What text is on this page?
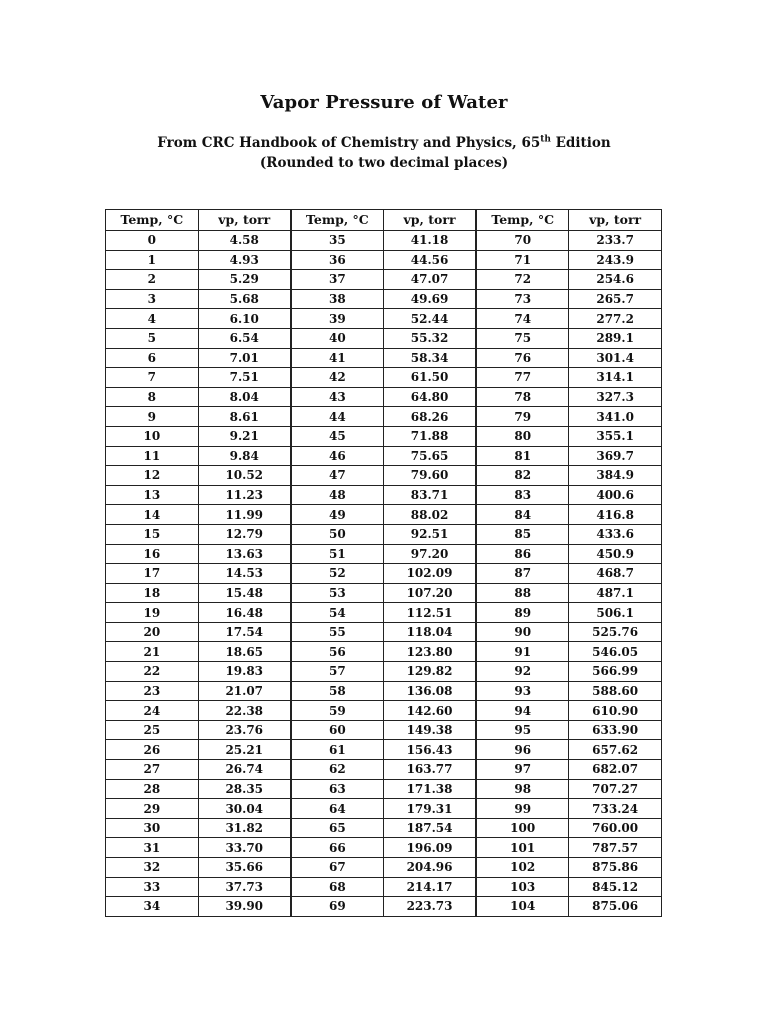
Vapor Pressure of Water
From CRC Handbook of Chemistry and Physics, 65th Edition
(Rounded to two decimal places)
Temp, °C	vp, torr	Temp, °C	vp, torr	Temp, °C	vp, torr
0	4.58	35	41.18	70	233.7
1	4.93	36	44.56	71	243.9
2	5.29	37	47.07	72	254.6
3	5.68	38	49.69	73	265.7
4	6.10	39	52.44	74	277.2
5	6.54	40	55.32	75	289.1
6	7.01	41	58.34	76	301.4
7	7.51	42	61.50	77	314.1
8	8.04	43	64.80	78	327.3
9	8.61	44	68.26	79	341.0
10	9.21	45	71.88	80	355.1
11	9.84	46	75.65	81	369.7
12	10.52	47	79.60	82	384.9
13	11.23	48	83.71	83	400.6
14	11.99	49	88.02	84	416.8
15	12.79	50	92.51	85	433.6
16	13.63	51	97.20	86	450.9
17	14.53	52	102.09	87	468.7
18	15.48	53	107.20	88	487.1
19	16.48	54	112.51	89	506.1
20	17.54	55	118.04	90	525.76
21	18.65	56	123.80	91	546.05
22	19.83	57	129.82	92	566.99
23	21.07	58	136.08	93	588.60
24	22.38	59	142.60	94	610.90
25	23.76	60	149.38	95	633.90
26	25.21	61	156.43	96	657.62
27	26.74	62	163.77	97	682.07
28	28.35	63	171.38	98	707.27
29	30.04	64	179.31	99	733.24
30	31.82	65	187.54	100	760.00
31	33.70	66	196.09	101	787.57
32	35.66	67	204.96	102	875.86
33	37.73	68	214.17	103	845.12
34	39.90	69	223.73	104	875.06
